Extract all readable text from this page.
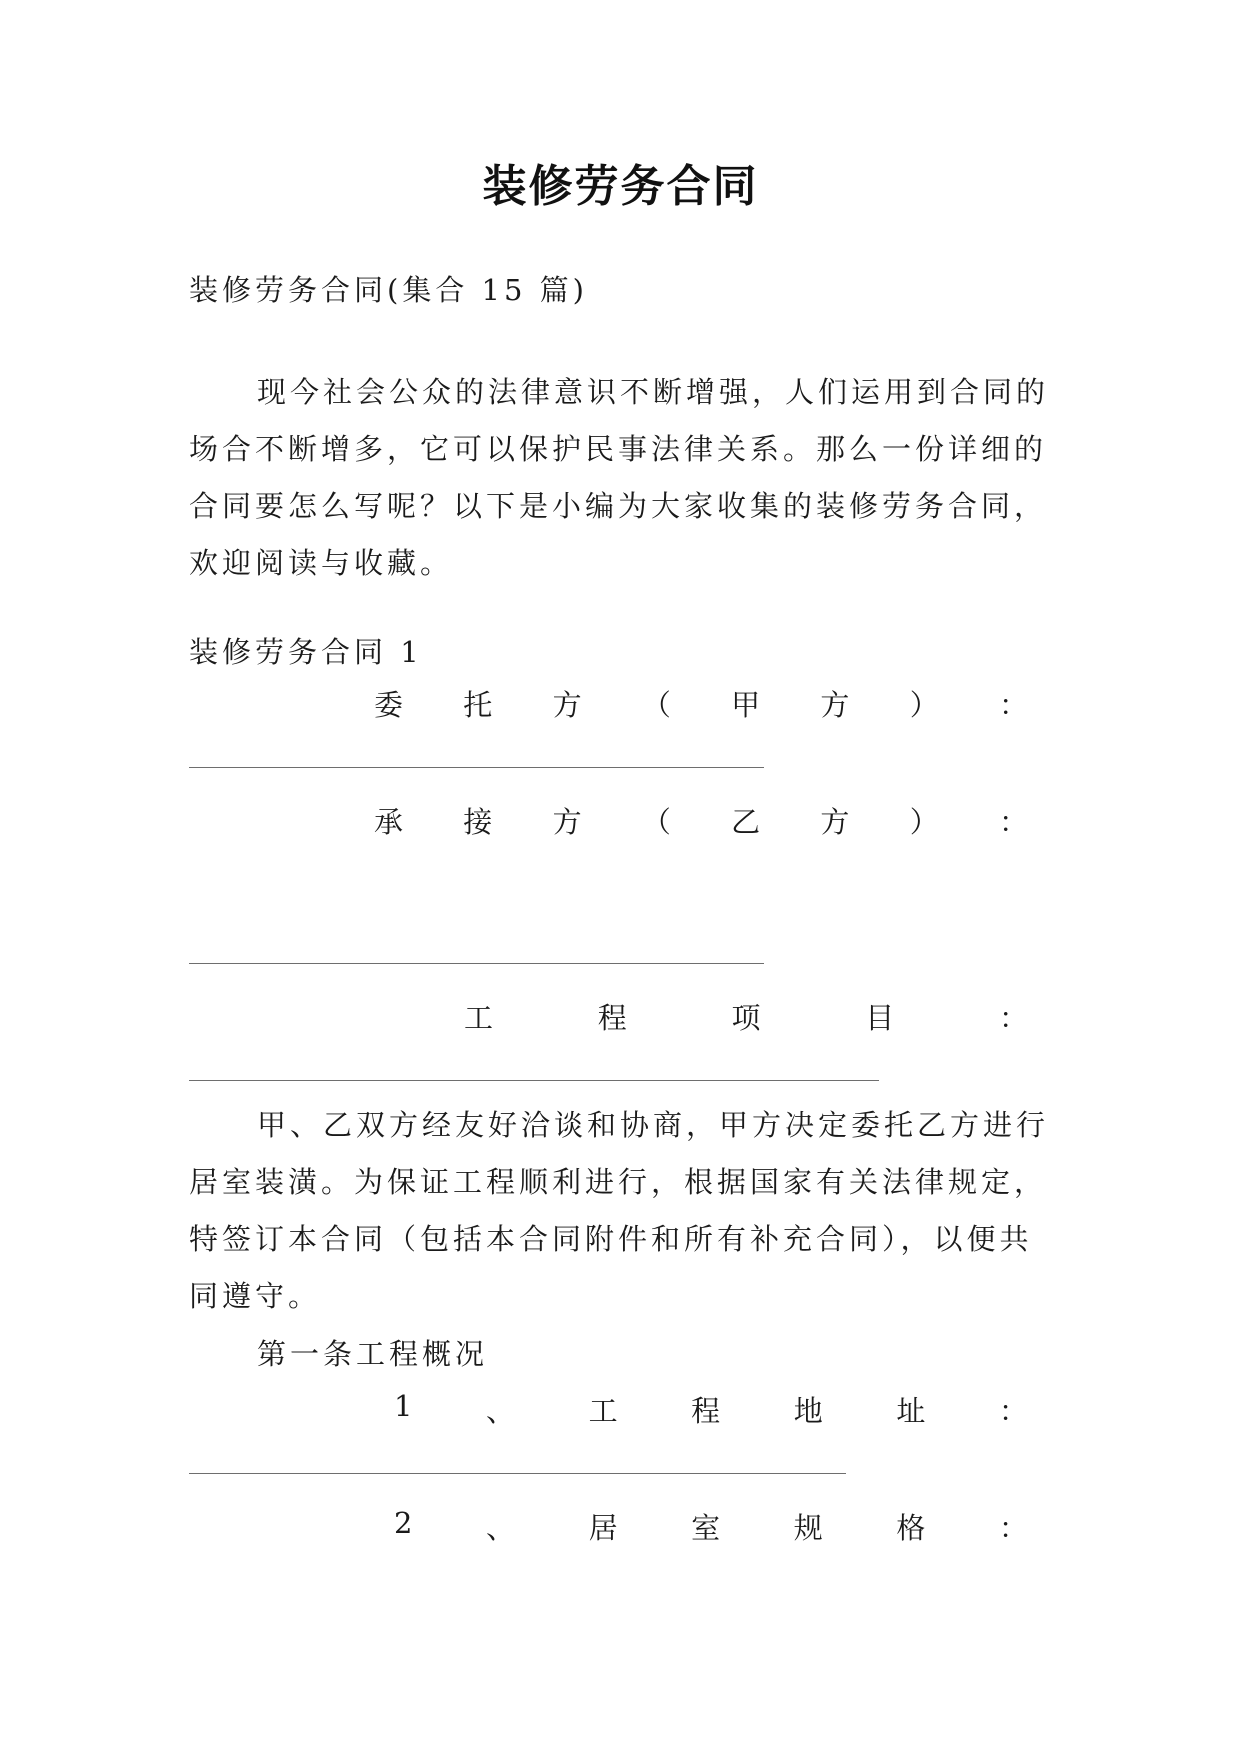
装修劳务合同
装修劳务合同(集合 15 篇)
现今社会公众的法律意识不断增强，人们运用到合同的
场合不断增多，它可以保护民事法律关系。那么一份详细的
合同要怎么写呢？以下是小编为大家收集的装修劳务合同，
欢迎阅读与收藏。
装修劳务合同 1
委 托 方 （ 甲 方 ） ：
承 接 方 （ 乙 方 ） ：
工	程	项	目	：
甲、乙双方经友好洽谈和协商，甲方决定委托乙方进行
居室装潢。为保证工程顺利进行，根据国家有关法律规定，
特签订本合同（包括本合同附件和所有补充合同），以便共
同遵守。
第一条工程概况
1	、	工	程	地	址	：
2	、	居	室	规	格	：
